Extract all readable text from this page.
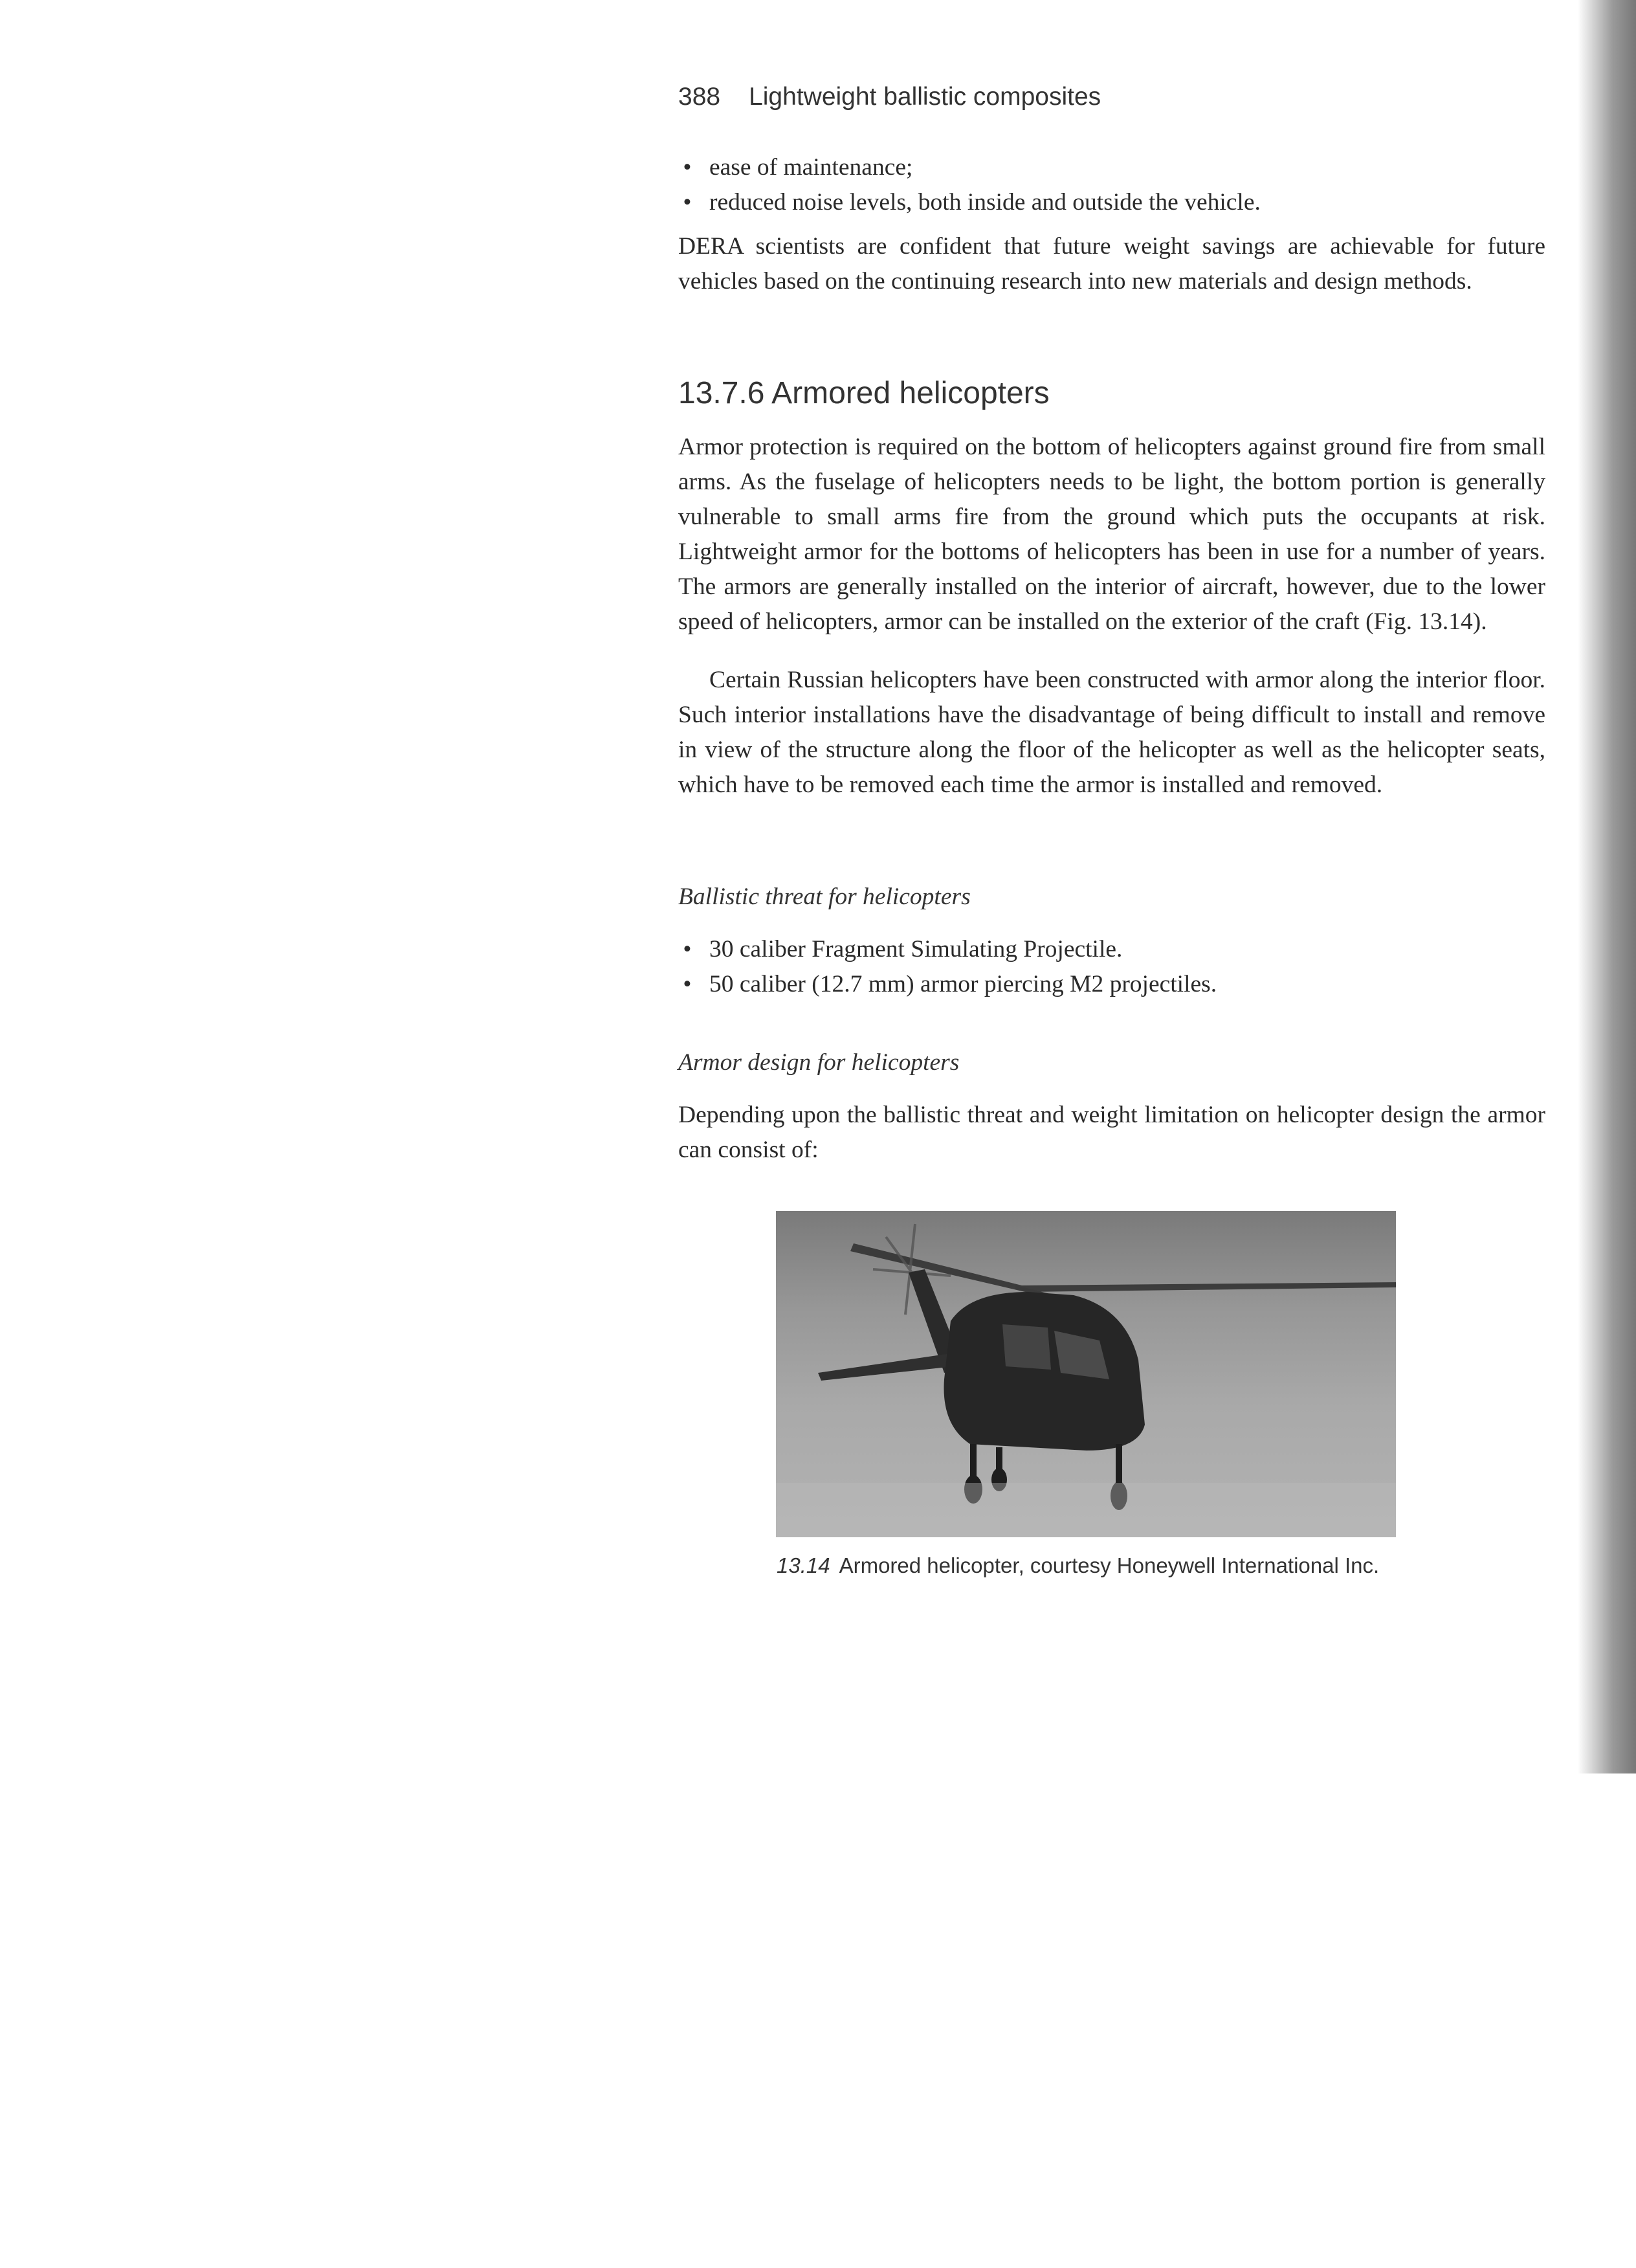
388 Lightweight ballistic composites
• ease of maintenance;
• reduced noise levels, both inside and outside the vehicle.

DERA scientists are confident that future weight savings are achievable for future vehicles based on the continuing research into new materials and design methods.

13.7.6 Armored helicopters

Armor protection is required on the bottom of helicopters against ground fire from small arms. As the fuselage of helicopters needs to be light, the bottom portion is generally vulnerable to small arms fire from the ground which puts the occupants at risk. Lightweight armor for the bottoms of helicopters has been in use for a number of years. The armors are generally installed on the interior of aircraft, however, due to the lower speed of helicopters, armor can be installed on the exterior of the craft (Fig. 13.14).

Certain Russian helicopters have been constructed with armor along the interior floor. Such interior installations have the disadvantage of being difficult to install and remove in view of the structure along the floor of the helicopter as well as the helicopter seats, which have to be removed each time the armor is installed and removed.

Ballistic threat for helicopters
• 30 caliber Fragment Simulating Projectile.
• 50 caliber (12.7 mm) armor piercing M2 projectiles.
Armor design for helicopters

Depending upon the ballistic threat and weight limitation on helicopter design the armor can consist of:

13.14 Armored helicopter, courtesy Honeywell International Inc.
